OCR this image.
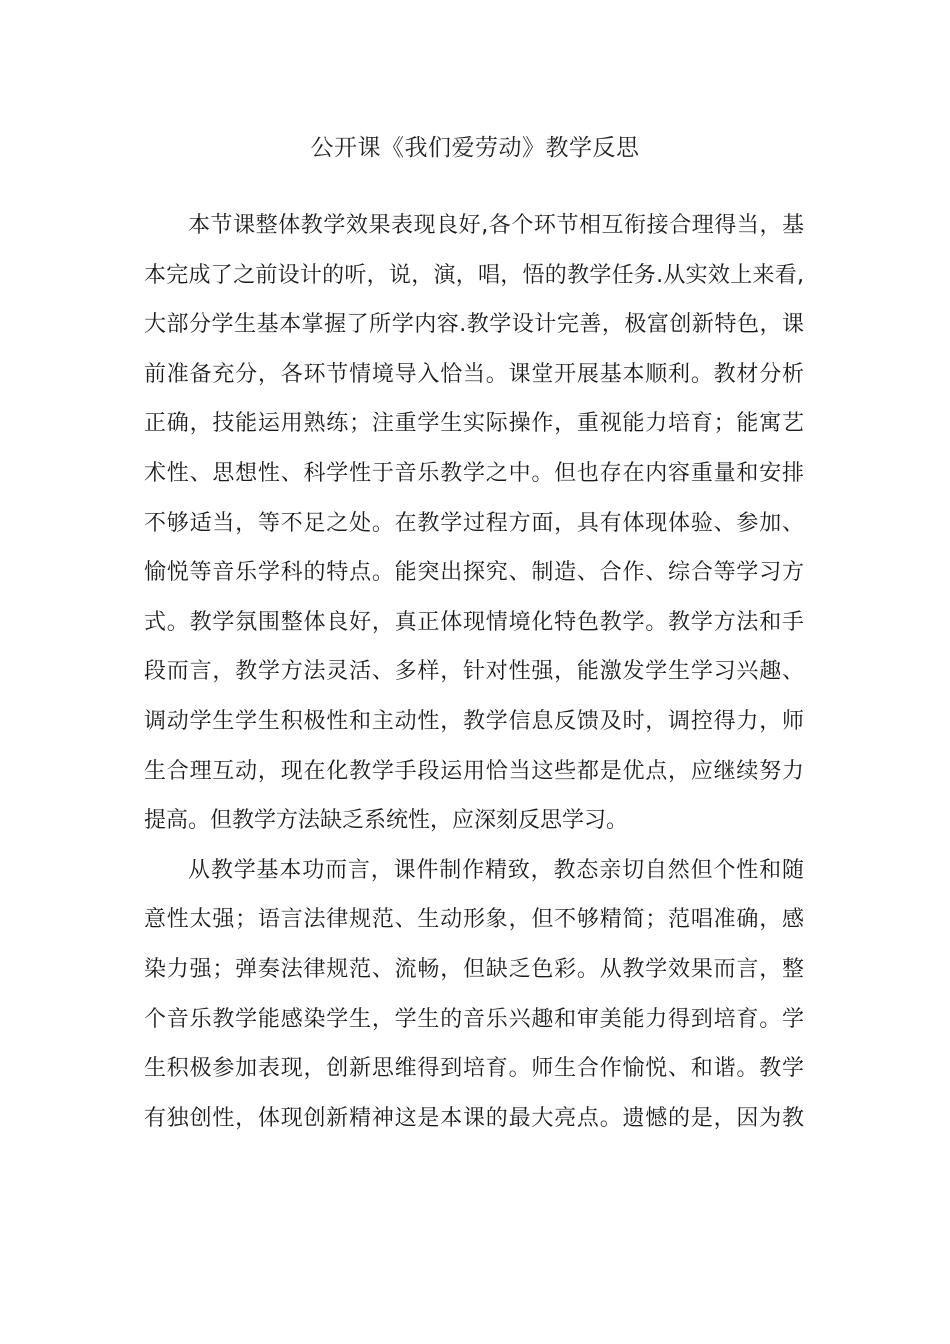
公开课《我们爱劳动》教学反思
本节课整体教学效果表现良好,各个环节相互衔接合理得当，基
本完成了之前设计的听，说，演，唱，悟的教学任务.从实效上来看,
大部分学生基本掌握了所学内容.教学设计完善，极富创新特色，课
前准备充分，各环节情境导入恰当。课堂开展基本顺利。教材分析
正确，技能运用熟练；注重学生实际操作，重视能力培育；能寓艺
术性、思想性、科学性于音乐教学之中。但也存在内容重量和安排
不够适当，等不足之处。在教学过程方面，具有体现体验、参加、
愉悦等音乐学科的特点。能突出探究、制造、合作、综合等学习方
式。教学氛围整体良好，真正体现情境化特色教学。教学方法和手
段而言，教学方法灵活、多样，针对性强，能激发学生学习兴趣、
调动学生学生积极性和主动性，教学信息反馈及时，调控得力，师
生合理互动，现在化教学手段运用恰当这些都是优点，应继续努力
提高。但教学方法缺乏系统性，应深刻反思学习。
从教学基本功而言，课件制作精致，教态亲切自然但个性和随
意性太强；语言法律规范、生动形象，但不够精简；范唱准确，感
染力强；弹奏法律规范、流畅，但缺乏色彩。从教学效果而言，整
个音乐教学能感染学生，学生的音乐兴趣和审美能力得到培育。学
生积极参加表现，创新思维得到培育。师生合作愉悦、和谐。教学
有独创性，体现创新精神这是本课的最大亮点。遗憾的是，因为教
